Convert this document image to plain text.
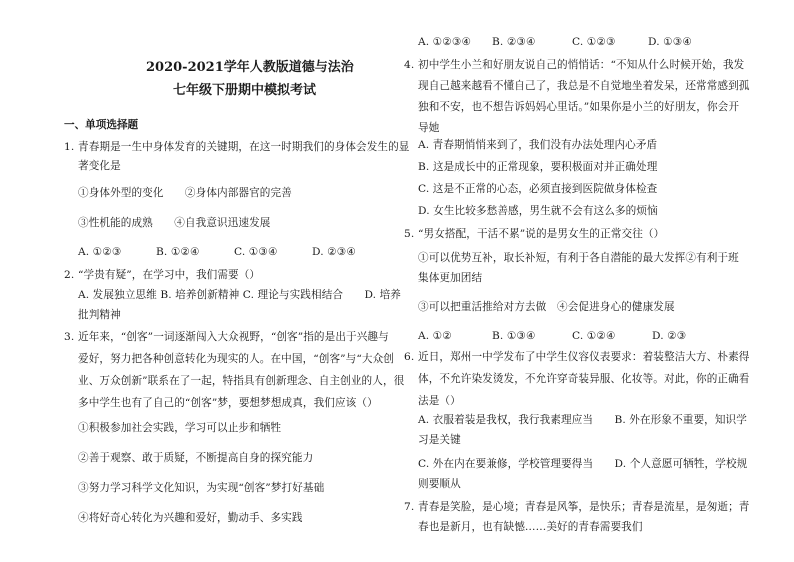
2020-2021学年人教版道德与法治
七年级下册期中模拟考试
一、单项选择题
1. 青春期是一生中身体发育的关键期，在这一时期我们的身体会发生的显
著变化是
①身体外型的变化　　②身体内部器官的完善
③性机能的成熟　　④自我意识迅速发展
A. ①②③	B. ①②④	C. ①③④	D. ②③④
2. “学贵有疑”，在学习中，我们需要（）
A. 发展独立思维 B. 培养创新精神 C. 理论与实践相结合　　D. 培养
批判精神
3. 近年来，“创客”一词逐渐闯入大众视野，“创客”指的是出于兴趣与
爱好，努力把各种创意转化为现实的人。在中国，“创客”与“大众创
业、万众创新”联系在了一起，特指具有创新理念、自主创业的人，很
多中学生也有了自己的“创客”梦，要想梦想成真，我们应该（）
①积极参加社会实践，学习可以止步和牺牲
②善于观察、敢于质疑，不断提高自身的探究能力
③努力学习科学文化知识，为实现“创客”梦打好基础
④将好奇心转化为兴趣和爱好，勤动手、多实践
A. ①②③④ B. ②③④	C. ①②③	D. ①③④
4. 初中学生小兰和好朋友说自己的悄悄话：“不知从什么时候开始，我发
现自己越来越看不懂自己了，我总是不自觉地坐着发呆，还常常感到孤
独和不安，也不想告诉妈妈心里话。”如果你是小兰的好朋友，你会开
导她
A. 青春期悄悄来到了，我们没有办法处理内心矛盾
B. 这是成长中的正常现象，要积极面对并正确处理
C. 这是不正常的心态，必须直接到医院做身体检查
D. 女生比较多愁善感，男生就不会有这么多的烦恼
5. “男女搭配，干活不累”说的是男女生的正常交往（）
①可以优势互补，取长补短，有利于各自潜能的最大发挥②有利于班
集体更加团结
③可以把重活推给对方去做　④会促进身心的健康发展
A. ①②	B. ①③④	C. ①②④	D. ②③
6. 近日，郑州一中学发布了中学生仪容仪表要求：着装整洁大方、朴素得
体，不允许染发烫发，不允许穿奇装异服、化妆等。对此，你的正确看
法是（）
A. 衣服着装是我权，我行我素理应当　　B. 外在形象不重要，知识学
习是关键
C. 外在内在要兼修，学校管理要得当　　D. 个人意愿可牺牲，学校规
则要顺从
7. 青春是笑脸，是心境；青春是风筝，是快乐；青春是流星，是匆逝；青
春也是新月，也有缺憾……美好的青春需要我们
